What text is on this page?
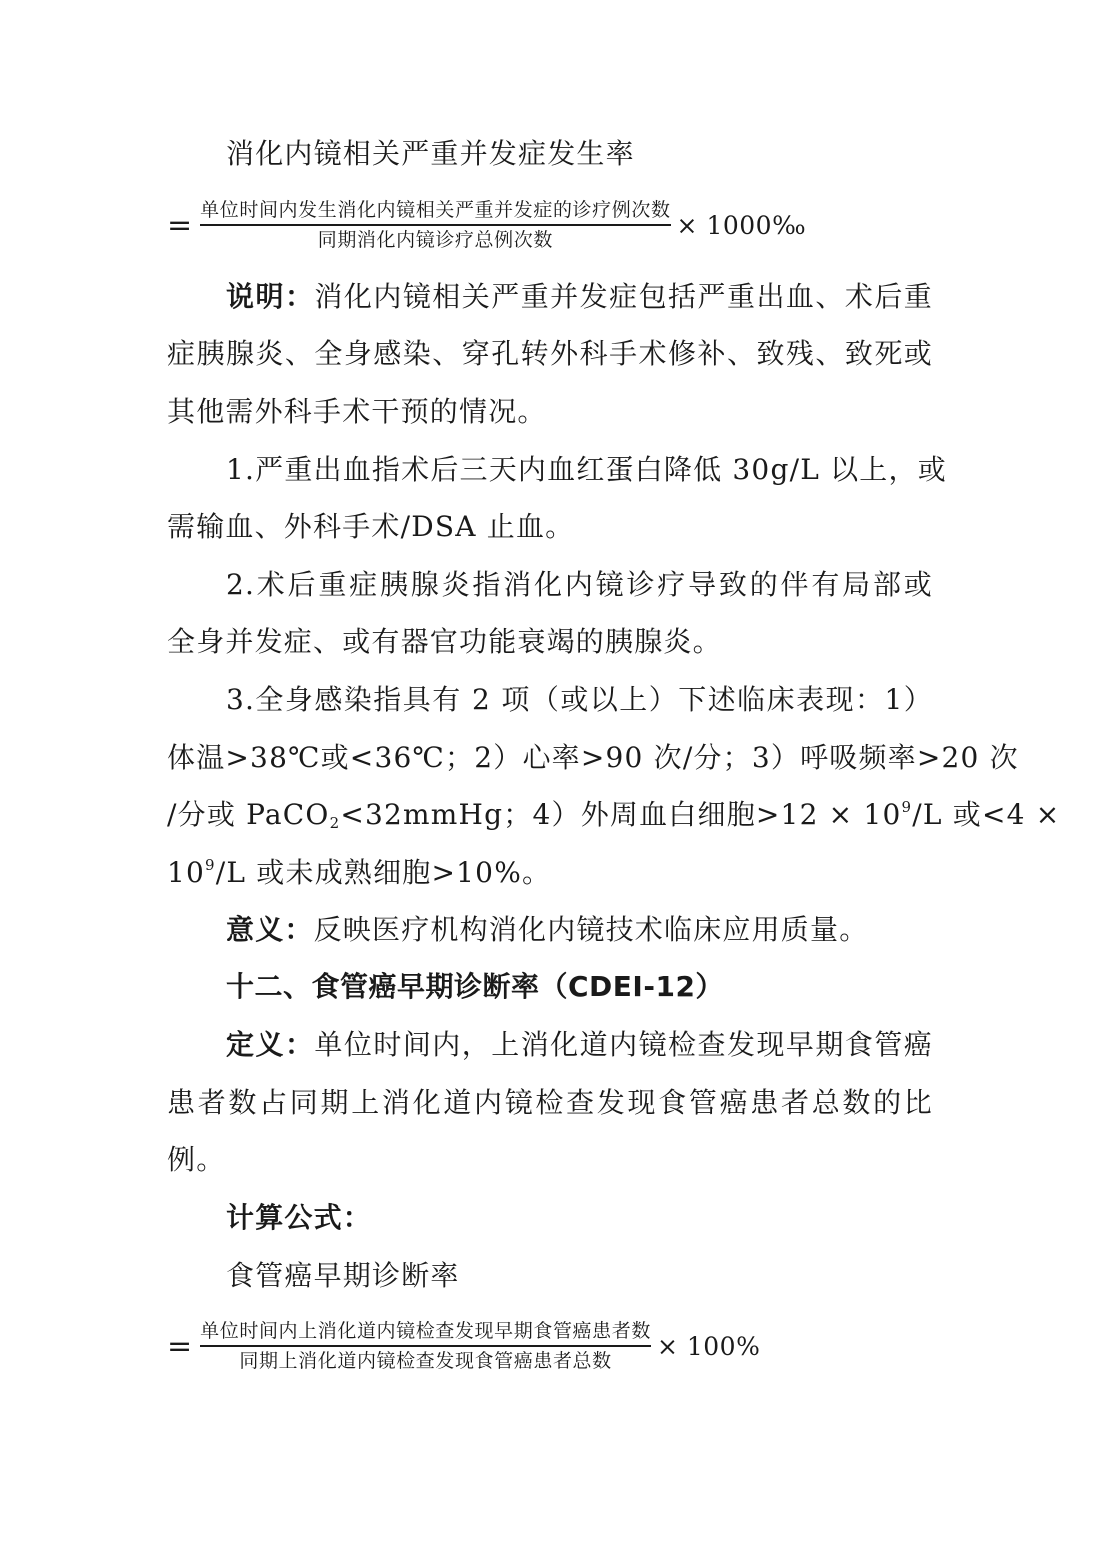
消化内镜相关严重并发症发生率
= $\frac{\text{单位时间内发生消化内镜相关严重并发症的诊疗例次数}}{\text{同期消化内镜诊疗总例次数}}$ × 1000‰
说明：消化内镜相关严重并发症包括严重出血、术后重
症胰腺炎、全身感染、穿孔转外科手术修补、致残、致死或
其他需外科手术干预的情况。
1.严重出血指术后三天内血红蛋白降低 30g/L 以上，或
需输血、外科手术/DSA 止血。
2.术后重症胰腺炎指消化内镜诊疗导致的伴有局部或
全身并发症、或有器官功能衰竭的胰腺炎。
3.全身感染指具有 2 项（或以上）下述临床表现：1）
体温>38℃或<36℃；2）心率>90 次/分；3）呼吸频率>20 次
/分或 PaCO$_2$<32mmHg；4）外周血白细胞$>12 \times 10^9/L$ 或<4 ×
$10^9/L$ 或未成熟细胞>10%。
意义：反映医疗机构消化内镜技术临床应用质量。
十二、食管癌早期诊断率（CDEI-12）
定义：单位时间内，上消化道内镜检查发现早期食管癌
患者数占同期上消化道内镜检查发现食管癌患者总数的比
例。
计算公式：
食管癌早期诊断率
= $\frac{\text{单位时间内上消化道内镜检查发现早期食管癌患者数}}{\text{同期上消化道内镜检查发现食管癌患者总数}} \times 100\%$
